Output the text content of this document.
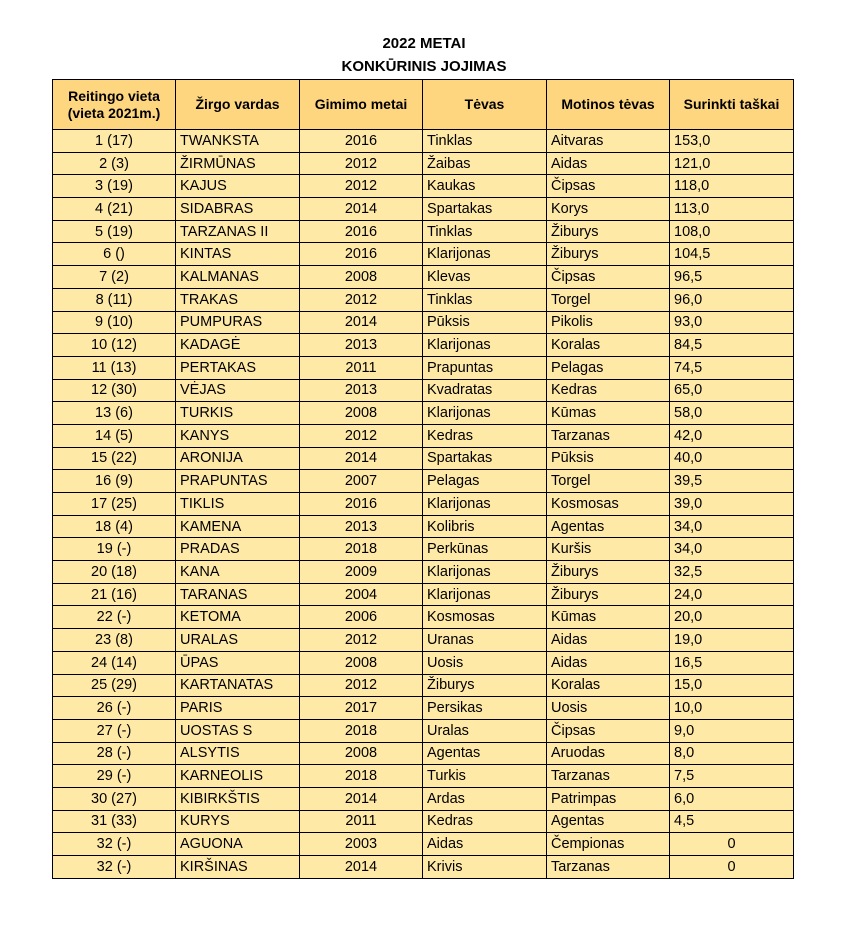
2022 METAI
KONKŪRINIS JOJIMAS
Reitingo vieta (vieta 2021m.)	Žirgo vardas	Gimimo metai	Tėvas	Motinos tėvas	Surinkti taškai
1 (17)	TWANKSTA	2016	Tinklas	Aitvaras	153,0
2 (3)	ŽIRMŪNAS	2012	Žaibas	Aidas	121,0
3 (19)	KAJUS	2012	Kaukas	Čipsas	118,0
4 (21)	SIDABRAS	2014	Spartakas	Korys	113,0
5 (19)	TARZANAS II	2016	Tinklas	Žiburys	108,0
6 ()	KINTAS	2016	Klarijonas	Žiburys	104,5
7 (2)	KALMANAS	2008	Klevas	Čipsas	96,5
8 (11)	TRAKAS	2012	Tinklas	Torgel	96,0
9 (10)	PUMPURAS	2014	Pūksis	Pikolis	93,0
10 (12)	KADAGĖ	2013	Klarijonas	Koralas	84,5
11 (13)	PERTAKAS	2011	Prapuntas	Pelagas	74,5
12 (30)	VĖJAS	2013	Kvadratas	Kedras	65,0
13 (6)	TURKIS	2008	Klarijonas	Kūmas	58,0
14 (5)	KANYS	2012	Kedras	Tarzanas	42,0
15 (22)	ARONIJA	2014	Spartakas	Pūksis	40,0
16 (9)	PRAPUNTAS	2007	Pelagas	Torgel	39,5
17 (25)	TIKLIS	2016	Klarijonas	Kosmosas	39,0
18 (4)	KAMENA	2013	Kolibris	Agentas	34,0
19 (-)	PRADAS	2018	Perkūnas	Kuršis	34,0
20 (18)	KANA	2009	Klarijonas	Žiburys	32,5
21 (16)	TARANAS	2004	Klarijonas	Žiburys	24,0
22 (-)	KETOMA	2006	Kosmosas	Kūmas	20,0
23 (8)	URALAS	2012	Uranas	Aidas	19,0
24 (14)	ŪPAS	2008	Uosis	Aidas	16,5
25 (29)	KARTANATAS	2012	Žiburys	Koralas	15,0
26 (-)	PARIS	2017	Persikas	Uosis	10,0
27 (-)	UOSTAS S	2018	Uralas	Čipsas	9,0
28 (-)	ALSYTIS	2008	Agentas	Aruodas	8,0
29 (-)	KARNEOLIS	2018	Turkis	Tarzanas	7,5
30 (27)	KIBIRKŠTIS	2014	Ardas	Patrimpas	6,0
31 (33)	KURYS	2011	Kedras	Agentas	4,5
32 (-)	AGUONA	2003	Aidas	Čempionas	0
32 (-)	KIRŠINAS	2014	Krivis	Tarzanas	0
